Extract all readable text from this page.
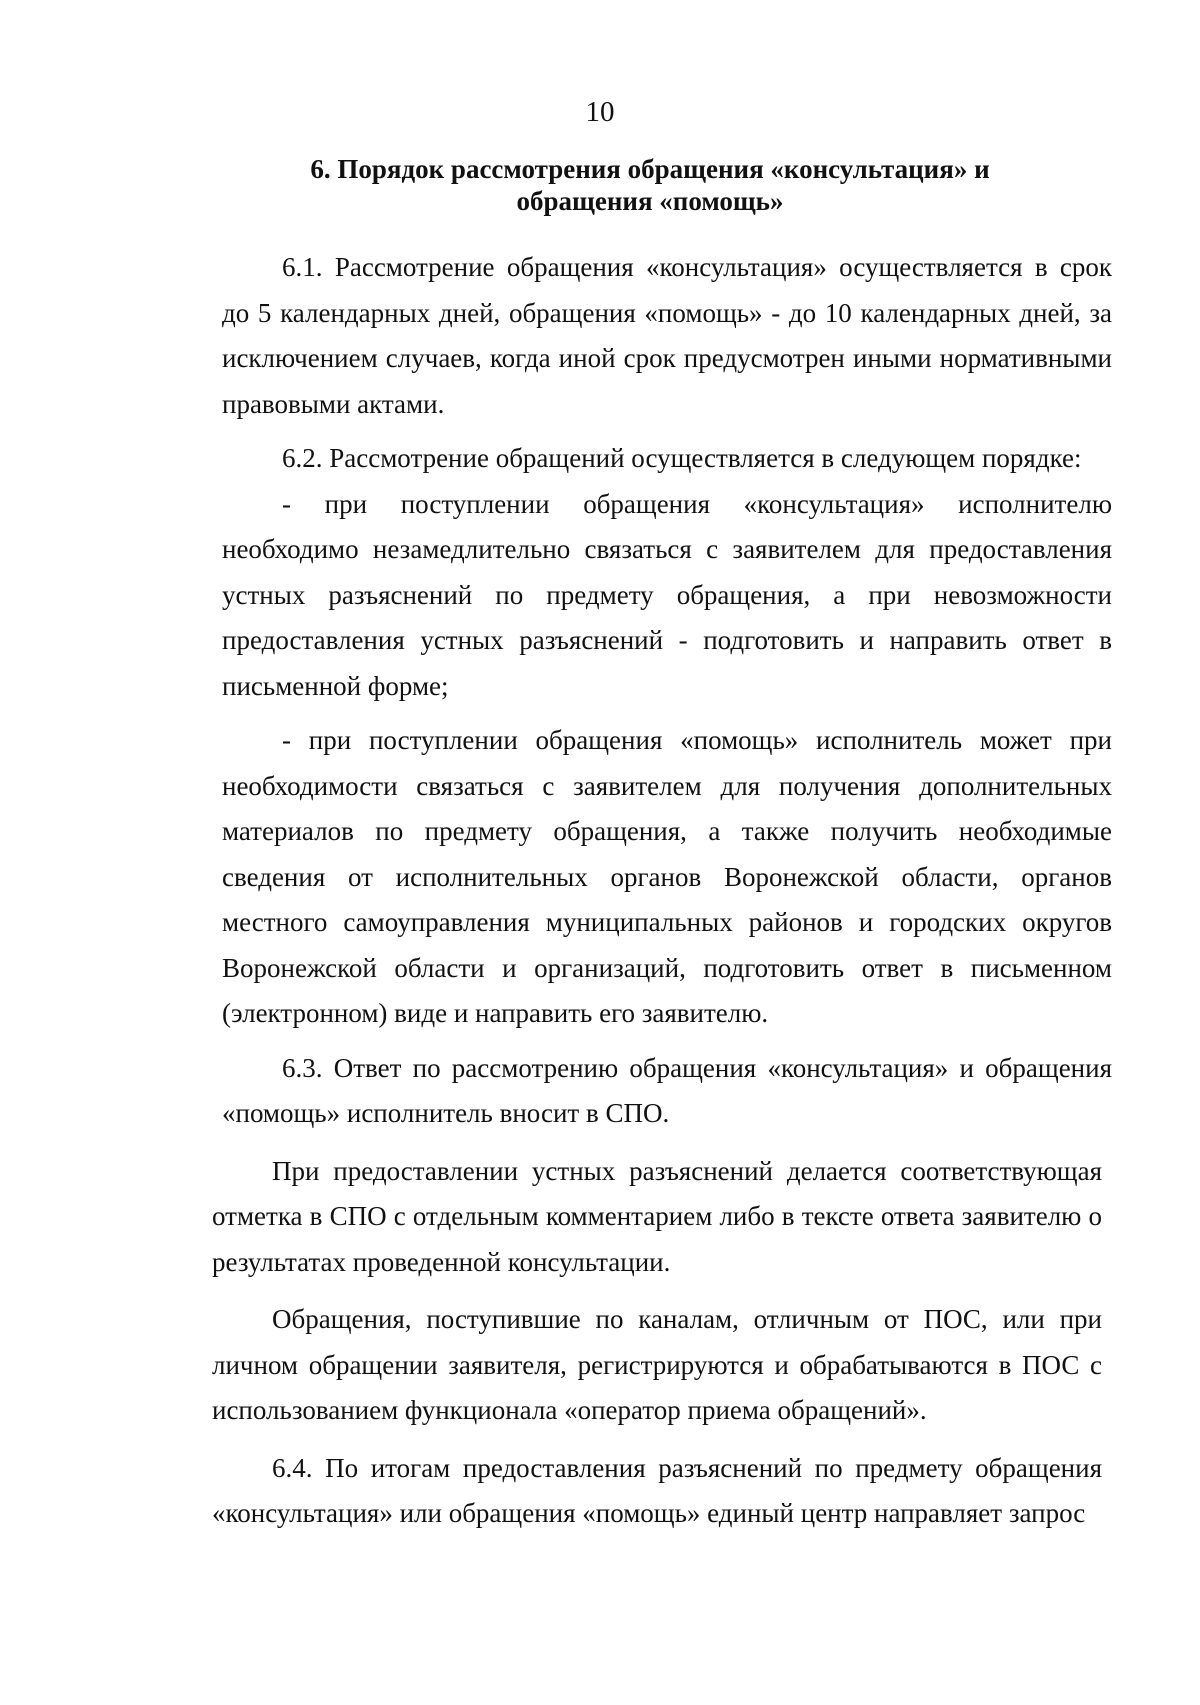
10
6. Порядок рассмотрения обращения «консультация» и
обращения «помощь»

6.1. Рассмотрение обращения «консультация» осуществляется в срок до 5 календарных дней, обращения «помощь» - до 10 календарных дней, за исключением случаев, когда иной срок предусмотрен иными нормативными правовыми актами.

6.2. Рассмотрение обращений осуществляется в следующем порядке:

- при поступлении обращения «консультация» исполнителю необходимо незамедлительно связаться с заявителем для предоставления устных разъяснений по предмету обращения, а при невозможности предоставления устных разъяснений - подготовить и направить ответ в письменной форме;

- при поступлении обращения «помощь» исполнитель может при необходимости связаться с заявителем для получения дополнительных материалов по предмету обращения, а также получить необходимые сведения от исполнительных органов Воронежской области, органов местного самоуправления муниципальных районов и городских округов Воронежской области и организаций, подготовить ответ в письменном (электронном) виде и направить его заявителю.

6.3. Ответ по рассмотрению обращения «консультация» и обращения «помощь» исполнитель вносит в СПО.

При предоставлении устных разъяснений делается соответствующая отметка в СПО с отдельным комментарием либо в тексте ответа заявителю о результатах проведенной консультации.

Обращения, поступившие по каналам, отличным от ПОС, или при личном обращении заявителя, регистрируются и обрабатываются в ПОС с использованием функционала «оператор приема обращений».

6.4. По итогам предоставления разъяснений по предмету обращения «консультация» или обращения «помощь» единый центр направляет запрос
